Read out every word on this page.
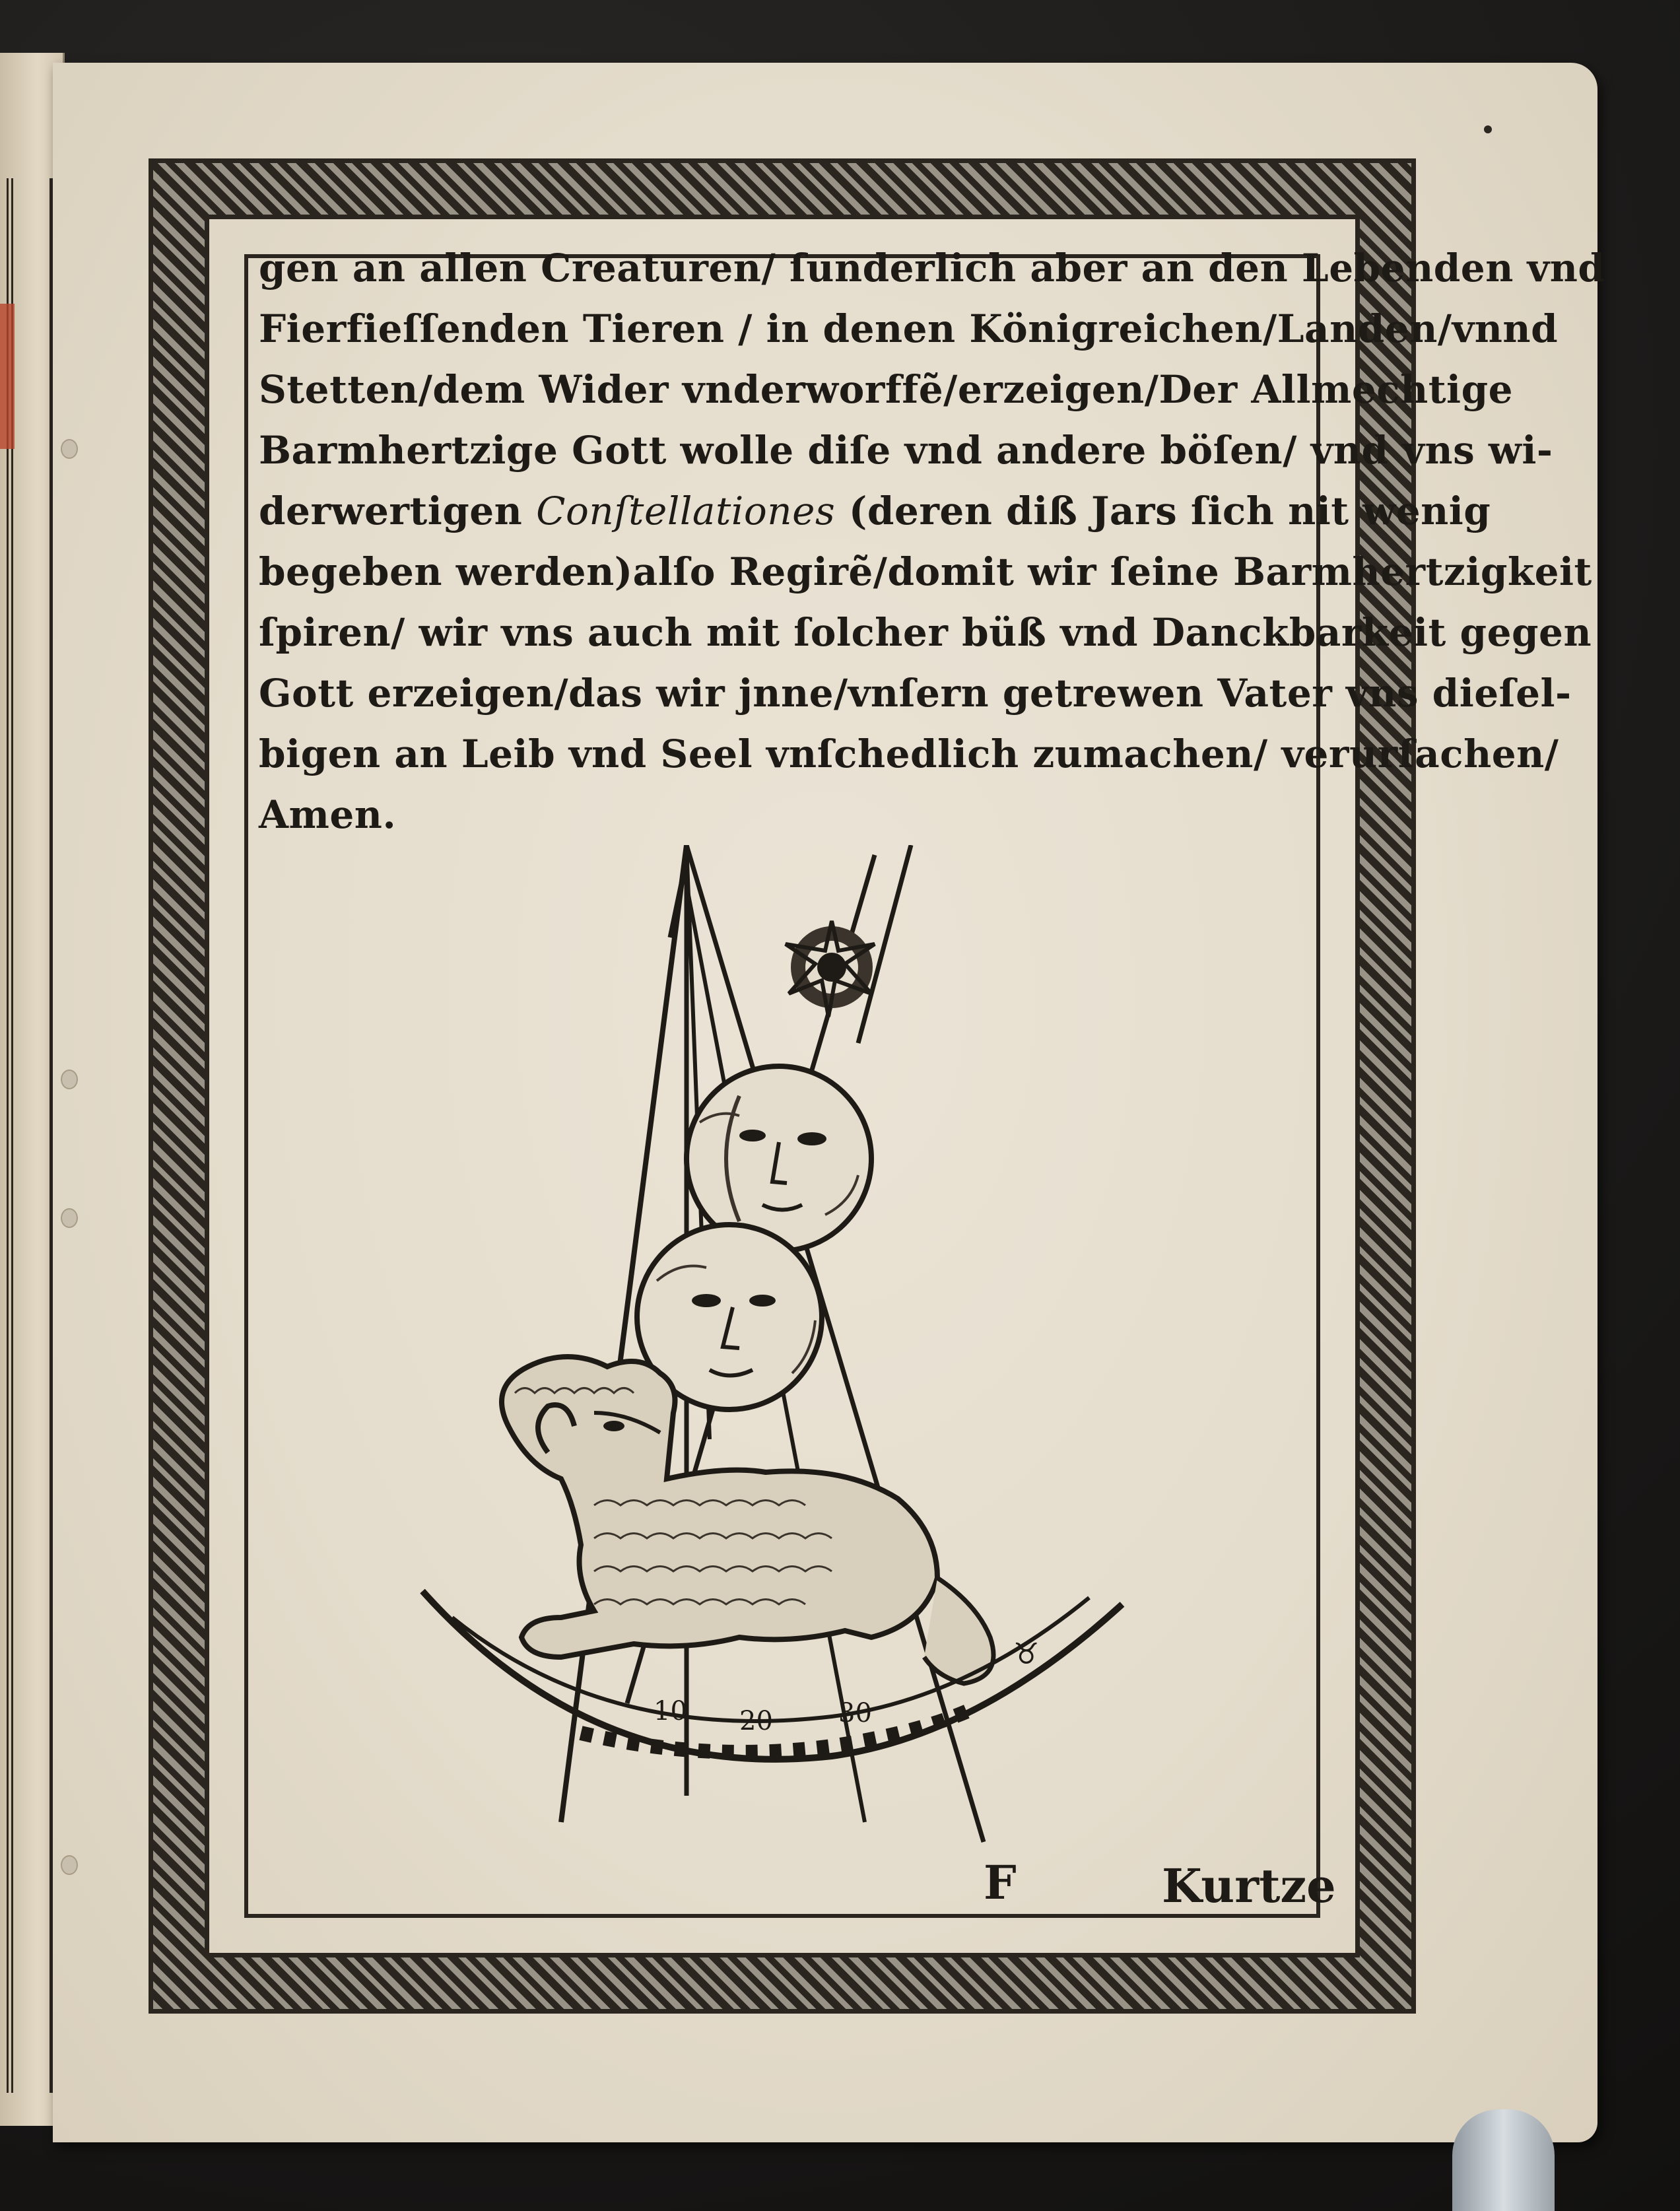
gen an allen Creaturen/ ſunderlich aber an den Lebenden vnd
Fierfieſſenden Tieren / in denen Königreichen/Landen/vnnd
Stetten/dem Wider vnderworffẽ/erzeigen/Der Allmechtige
Barmhertzige Gott wolle diſe vnd andere böſen/ vnd vns wi-
derwertigen Conſtellationes (deren diß Jars ſich nit wenig
begeben werden)alſo Regirẽ/domit wir ſeine Barmhertzigkeit
ſpiren/ wir vns auch mit ſolcher büß vnd Danckbarkeit gegen
Gott erzeigen/das wir jnne/vnſern getrewen Vater vns dieſel-
bigen an Leib vnd Seel vnſchedlich zumachen/ verurſachen/
Amen.
10 20 30
♉
F	Kurtze
